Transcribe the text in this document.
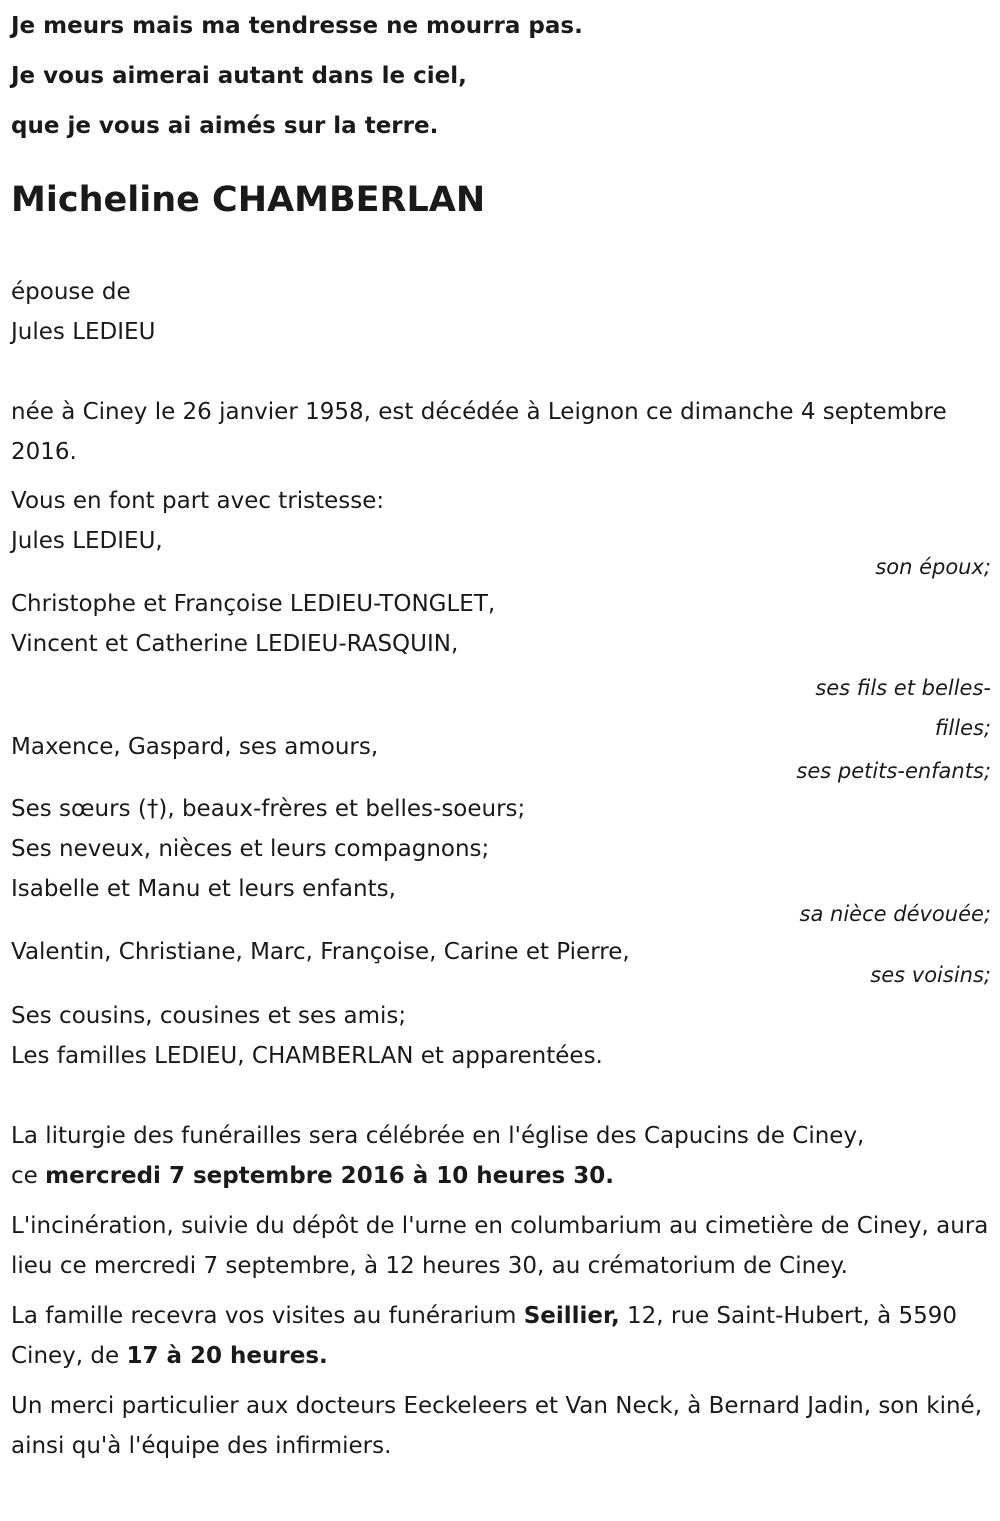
Je meurs mais ma tendresse ne mourra pas.

Je vous aimerai autant dans le ciel,

que je vous ai aimés sur la terre.

Micheline CHAMBERLAN

épouse de

Jules LEDIEU

née à Ciney le 26 janvier 1958, est décédée à Leignon ce dimanche 4 septembre 2016.

Vous en font part avec tristesse:

Jules LEDIEU,

son époux;

Christophe et Françoise LEDIEU-TONGLET,

Vincent et Catherine LEDIEU-RASQUIN,

ses fils et belles-

filles;

Maxence, Gaspard, ses amours,

ses petits-enfants;

Ses sœurs (†), beaux-frères et belles-soeurs;

Ses neveux, nièces et leurs compagnons;

Isabelle et Manu et leurs enfants,

sa nièce dévouée;

Valentin, Christiane, Marc, Françoise, Carine et Pierre,

ses voisins;

Ses cousins, cousines et ses amis;

Les familles LEDIEU, CHAMBERLAN et apparentées.

La liturgie des funérailles sera célébrée en l'église des Capucins de Ciney,
ce mercredi 7 septembre 2016 à 10 heures 30.

L'incinération, suivie du dépôt de l'urne en columbarium au cimetière de Ciney, aura lieu ce mercredi 7 septembre, à 12 heures 30, au crématorium de Ciney.

La famille recevra vos visites au funérarium Seillier, 12, rue Saint-Hubert, à 5590 Ciney, de 17 à 20 heures.

Un merci particulier aux docteurs Eeckeleers et Van Neck, à Bernard Jadin, son kiné, ainsi qu'à l'équipe des infirmiers.
